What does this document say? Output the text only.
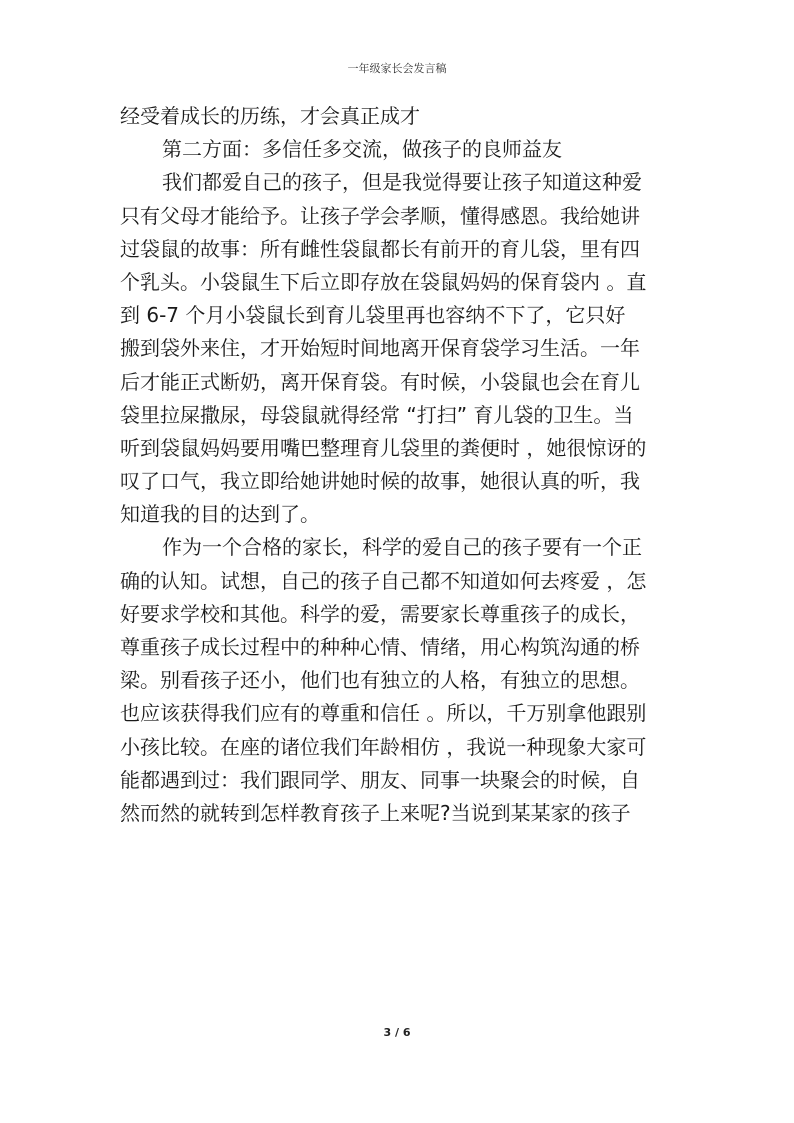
一年级家长会发言稿
经受着成长的历练，才会真正成才
第二方面：多信任多交流，做孩子的良师益友
我们都爱自己的孩子，但是我觉得要让孩子知道这种爱
只有父母才能给予。让孩子学会孝顺，懂得感恩。我给她讲
过袋鼠的故事：所有雌性袋鼠都长有前开的育儿袋，里有四
个乳头。小袋鼠生下后立即存放在袋鼠妈妈的保育袋内 。直
到 6-7 个月小袋鼠长到育儿袋里再也容纳不下了，它只好
搬到袋外来住，才开始短时间地离开保育袋学习生活。一年
后才能正式断奶，离开保育袋。有时候，小袋鼠也会在育儿
袋里拉屎撒尿，母袋鼠就得经常 “打扫” 育儿袋的卫生。当
听到袋鼠妈妈要用嘴巴整理育儿袋里的粪便时 ，她很惊讶的
叹了口气，我立即给她讲她时候的故事，她很认真的听，我
知道我的目的达到了。
作为一个合格的家长，科学的爱自己的孩子要有一个正
确的认知。试想，自己的孩子自己都不知道如何去疼爱 ，怎
好要求学校和其他。科学的爱，需要家长尊重孩子的成长，
尊重孩子成长过程中的种种心情、情绪，用心构筑沟通的桥
梁。别看孩子还小，他们也有独立的人格，有独立的思想。
也应该获得我们应有的尊重和信任 。所以，千万别拿他跟别
小孩比较。在座的诸位我们年龄相仿 ，我说一种现象大家可
能都遇到过：我们跟同学、朋友、同事一块聚会的时候，自
然而然的就转到怎样教育孩子上来呢?当说到某某家的孩子
3 / 6
